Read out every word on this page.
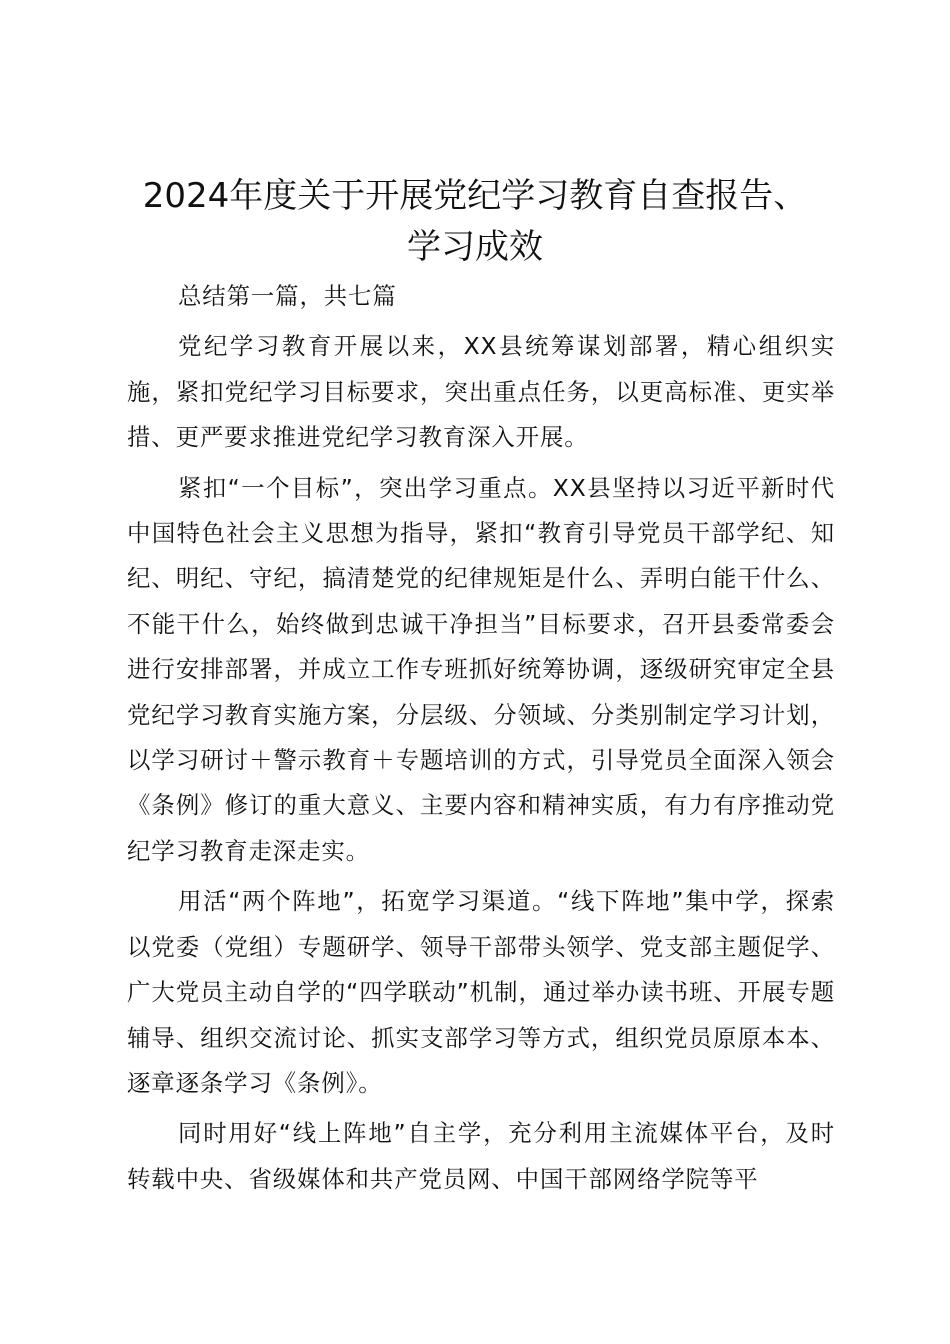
2024年度关于开展党纪学习教育自查报告、
学习成效

总结第一篇，共七篇

党纪学习教育开展以来，XX县统筹谋划部署，精心组织实施，紧扣党纪学习目标要求，突出重点任务，以更高标准、更实举措、更严要求推进党纪学习教育深入开展。

紧扣“一个目标”，突出学习重点。XX县坚持以习近平新时代中国特色社会主义思想为指导，紧扣“教育引导党员干部学纪、知纪、明纪、守纪，搞清楚党的纪律规矩是什么、弄明白能干什么、不能干什么，始终做到忠诚干净担当”目标要求，召开县委常委会进行安排部署，并成立工作专班抓好统筹协调，逐级研究审定全县党纪学习教育实施方案，分层级、分领域、分类别制定学习计划，以学习研讨＋警示教育＋专题培训的方式，引导党员全面深入领会《条例》修订的重大意义、主要内容和精神实质，有力有序推动党纪学习教育走深走实。

用活“两个阵地”，拓宽学习渠道。“线下阵地”集中学，探索以党委（党组）专题研学、领导干部带头领学、党支部主题促学、广大党员主动自学的“四学联动”机制，通过举办读书班、开展专题辅导、组织交流讨论、抓实支部学习等方式，组织党员原原本本、逐章逐条学习《条例》。

同时用好“线上阵地”自主学，充分利用主流媒体平台，及时转载中央、省级媒体和共产党员网、中国干部网络学院等平
